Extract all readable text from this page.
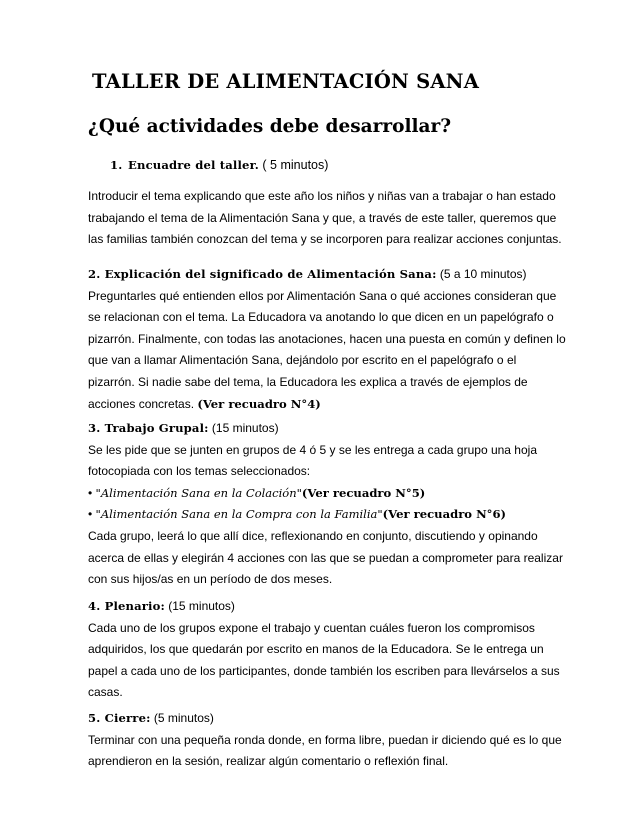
TALLER DE ALIMENTACIÓN SANA
¿Qué actividades debe desarrollar?
1. Encuadre del taller. ( 5 minutos)

Introducir el tema explicando que este año los niños y niñas van a trabajar o han estado

trabajando el tema de la Alimentación Sana y que, a través de este taller, queremos que

las familias también conozcan del tema y se incorporen para realizar acciones conjuntas.

2. Explicación del significado de Alimentación Sana: (5 a 10 minutos)

Preguntarles qué entienden ellos por Alimentación Sana o qué acciones consideran que

se relacionan con el tema. La Educadora va anotando lo que dicen en un papelógrafo o

pizarrón. Finalmente, con todas las anotaciones, hacen una puesta en común y definen lo

que van a llamar Alimentación Sana, dejándolo por escrito en el papelógrafo o el

pizarrón. Si nadie sabe del tema, la Educadora les explica a través de ejemplos de

acciones concretas. (Ver recuadro N°4)

3. Trabajo Grupal: (15 minutos)

Se les pide que se junten en grupos de 4 ó 5 y se les entrega a cada grupo una hoja

fotocopiada con los temas seleccionados:

• "Alimentación Sana en la Colación"(Ver recuadro N°5)

• "Alimentación Sana en la Compra con la Familia"(Ver recuadro N°6)

Cada grupo, leerá lo que allí dice, reflexionando en conjunto, discutiendo y opinando

acerca de ellas y elegirán 4 acciones con las que se puedan a comprometer para realizar

con sus hijos/as en un período de dos meses.

4. Plenario: (15 minutos)

Cada uno de los grupos expone el trabajo y cuentan cuáles fueron los compromisos

adquiridos, los que quedarán por escrito en manos de la Educadora. Se le entrega un

papel a cada uno de los participantes, donde también los escriben para llevárselos a sus

casas.

5. Cierre: (5 minutos)

Terminar con una pequeña ronda donde, en forma libre, puedan ir diciendo qué es lo que

aprendieron en la sesión, realizar algún comentario o reflexión final.
